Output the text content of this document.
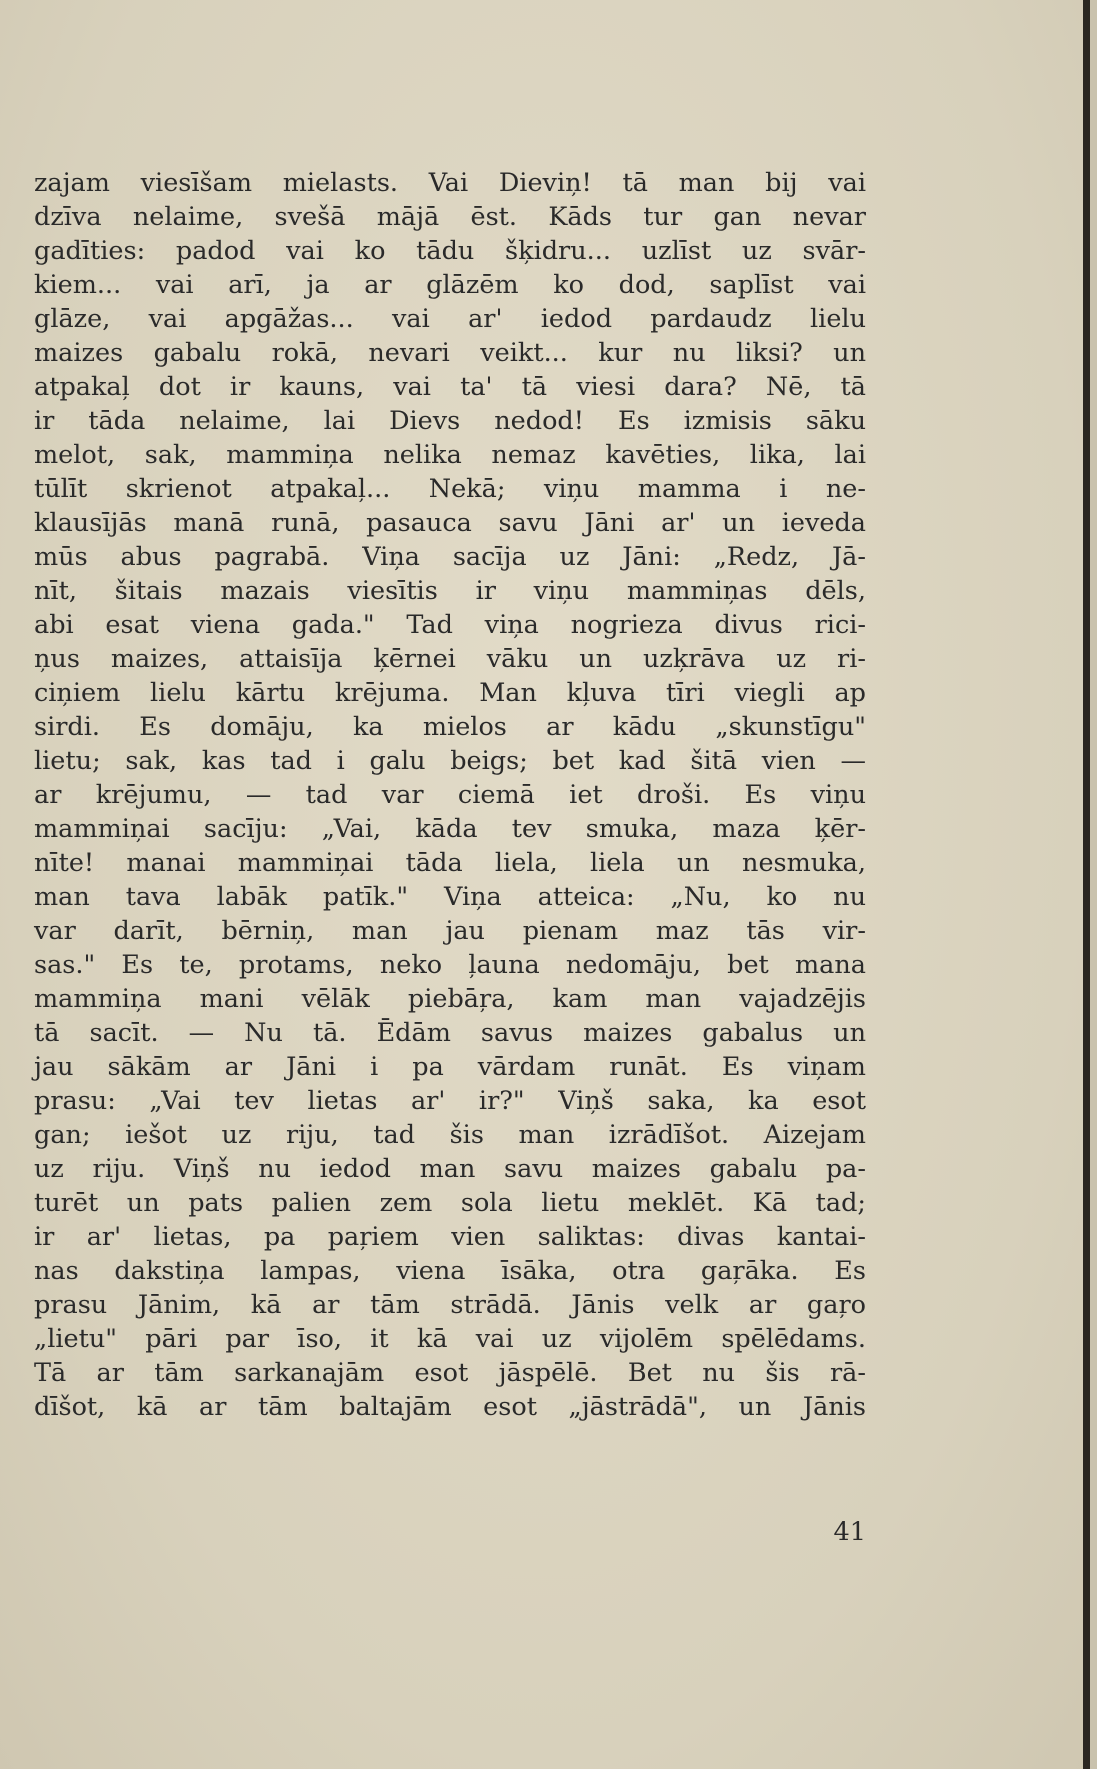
zajam viesīšam mielasts. Vai Dieviņ! tā man bij vai
dzīva nelaime, svešā mājā ēst. Kāds tur gan nevar
gadīties: padod vai ko tādu šķidru... uzlīst uz svār-
kiem... vai arī, ja ar glāzēm ko dod, saplīst vai
glāze, vai apgāžas... vai ar' iedod pardaudz lielu
maizes gabalu rokā, nevari veikt... kur nu liksi? un
atpakaļ dot ir kauns, vai ta' tā viesi dara? Nē, tā
ir tāda nelaime, lai Dievs nedod! Es izmisis sāku
melot, sak, mammiņa nelika nemaz kavēties, lika, lai
tūlīt skrienot atpakaļ... Nekā; viņu mamma i ne-
klausījās manā runā, pasauca savu Jāni ar' un ieveda
mūs abus pagrabā. Viņa sacīja uz Jāni: „Redz, Jā-
nīt, šitais mazais viesītis ir viņu mammiņas dēls,
abi esat viena gada." Tad viņa nogrieza divus rici-
ņus maizes, attaisīja ķērnei vāku un uzķrāva uz ri-
ciņiem lielu kārtu krējuma. Man kļuva tīri viegli ap
sirdi. Es domāju, ka mielos ar kādu „skunstīgu"
lietu; sak, kas tad i galu beigs; bet kad šitā vien —
ar krējumu, — tad var ciemā iet droši. Es viņu
mammiņai sacīju: „Vai, kāda tev smuka, maza ķēr-
nīte! manai mammiņai tāda liela, liela un nesmuka,
man tava labāk patīk." Viņa atteica: „Nu, ko nu
var darīt, bērniņ, man jau pienam maz tās vir-
sas." Es te, protams, neko ļauna nedomāju, bet mana
mammiņa mani vēlāk piebāŗa, kam man vajadzējis
tā sacīt. — Nu tā. Ēdām savus maizes gabalus un
jau sākām ar Jāni i pa vārdam runāt. Es viņam
prasu: „Vai tev lietas ar' ir?" Viņš saka, ka esot
gan; iešot uz riju, tad šis man izrādīšot. Aizejam
uz riju. Viņš nu iedod man savu maizes gabalu pa-
turēt un pats palien zem sola lietu meklēt. Kā tad;
ir ar' lietas, pa paŗiem vien saliktas: divas kantai-
nas dakstiņa lampas, viena īsāka, otra gaŗāka. Es
prasu Jānim, kā ar tām strādā. Jānis velk ar gaŗo
„lietu" pāri par īso, it kā vai uz vijolēm spēlēdams.
Tā ar tām sarkanajām esot jāspēlē. Bet nu šis rā-
dīšot, kā ar tām baltajām esot „jāstrādā", un Jānis
41
